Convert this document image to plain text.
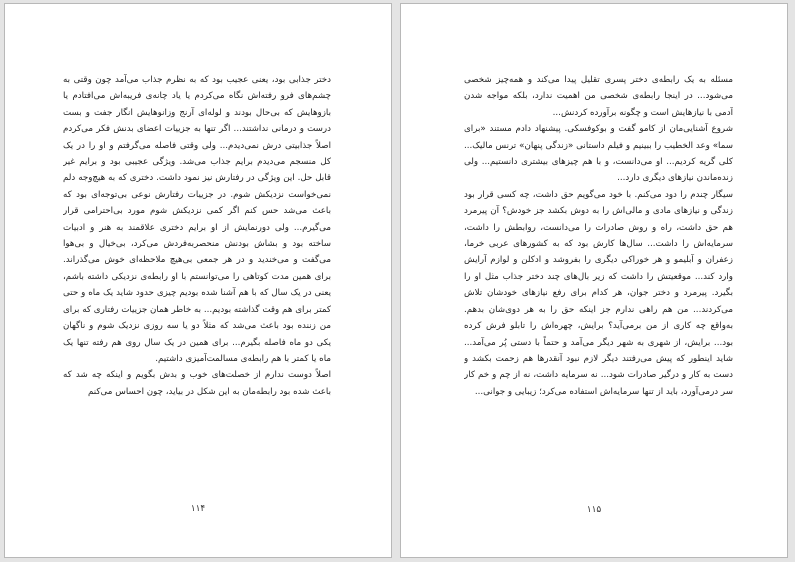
دختر جذابی بود، یعنی عجیب بود که به نظرم جذاب می‌آمد چون وقتی به چشم‌های فرو رفته‌اش نگاه می‌کردم یا یاد چانه‌ی فریبه‌اش می‌افتادم یا بازوهایش که بی‌حال بودند و لوله‌ای آرنج وزانوهایش انگار جفت و بست درست و درمانی نداشتند... اگر تنها به جزییات اعضای بدنش فکر می‌کردم اصلاً جذابیتی درش نمی‌دیدم... ولی وقتی فاصله می‌گرفتم و او را در یک کل منسجم می‌دیدم برایم جذاب می‌شد. ویژگی عجیبی بود و برایم غیر قابل حل. این ویژگی در رفتارش نیز نمود داشت. دختری که به هیچ‌وجه دلم نمی‌خواست نزدیکش شوم. در جزییات رفتارش نوعی بی‌توجه‌ای بود که باعث می‌شد حس کنم اگر کمی نزدیکش شوم مورد بی‌احترامی قرار می‌گیرم... ولی دورنمایش از او برایم دختری علاقمند به هنر و ادبیات ساخته بود و بشاش بودنش منحصربه‌فردش می‌کرد، بی‌خیال و بی‌هوا می‌گفت و می‌خندید و در هر جمعی بی‌هیچ ملاحظه‌ای خوش می‌گذراند. برای همین مدت کوتاهی را می‌توانستم با او رابطه‌ی نزدیکی داشته باشم، یعنی در یک سال که با هم آشنا شده بودیم چیزی حدود شاید یک ماه و حتی کمتر برای هم وقت گذاشته بودیم... به خاطر همان جزییات رفتاری که برای من زننده بود باعث می‌شد که مثلاً دو یا سه روزی نزدیک شوم و ناگهان یکی دو ماه فاصله بگیرم... برای همین در یک سال روی هم رفته تنها یک ماه یا کمتر با هم رابطه‌ی مسالمت‌آمیزی داشتیم.

اصلاً دوست ندارم از خصلت‌های خوب و بدش بگویم و اینکه چه شد که باعث شده بود رابطه‌مان به این شکل در بیاید، چون احساس می‌کنم

۱۱۴

مسئله به یک رابطه‌ی دختر پسری تقلیل پیدا می‌کند و همه‌چیز شخصی می‌شود... در اینجا رابطه‌ی شخصی من اهمیت ندارد، بلکه مواجه شدن آدمی با نیازهایش است و چگونه برآورده کردنش...

شروع آشنایی‌مان از کامو گفت و بوکوفسکی. پیشنهاد دادم مستند «برای سما» وعد الخطیب را ببینیم و فیلم داستانی «زندگی پنهان» ترنس مالیک... کلی گریه کردیم... او می‌دانست، و با هم چیزهای بیشتری دانستیم... ولی زنده‌ماندن نیازهای دیگری دارد...

سیگار چندم را دود می‌کنم. با خود می‌گویم حق داشت، چه کسی قرار بود زندگی و نیازهای مادی و مالی‌اش را به دوش بکشد جز خودش؟ آن پیرمرد هم حق داشت، راه و روش صادرات را می‌دانست، روابطش را داشت، سرمایه‌اش را داشت... سال‌ها کارش بود که به کشورهای عربی خرما، زعفران و آبلیمو و هر خوراکی دیگری را بفروشد و ادکلن و لوازم آرایش وارد کند... موقعیتش را داشت که زیر بال‌های چند دختر جذاب مثل او را بگیرد. پیرمرد و دختر جوان، هر کدام برای رفع نیازهای خودشان تلاش می‌کردند... من هم راهی ندارم جز اینکه حق را به هر دوی‌شان بدهم. به‌واقع چه کاری از من برمی‌آید؟ برایش، چهره‌اش را تابلو فرش کرده بود... برایش، از شهری به شهر دیگر می‌آمد و حتماً با دستی پُر می‌آمد... شاید اینطور که پیش می‌رفتند دیگر لازم نبود آنقدرها هم زحمت بکشد و دست به کار و درگیر صادرات شود... نه سرمایه داشت، نه از چم و خم کار سر درمی‌آورد، باید از تنها سرمایه‌اش استفاده می‌کرد؛ زیبایی و جوانی...

۱۱۵
